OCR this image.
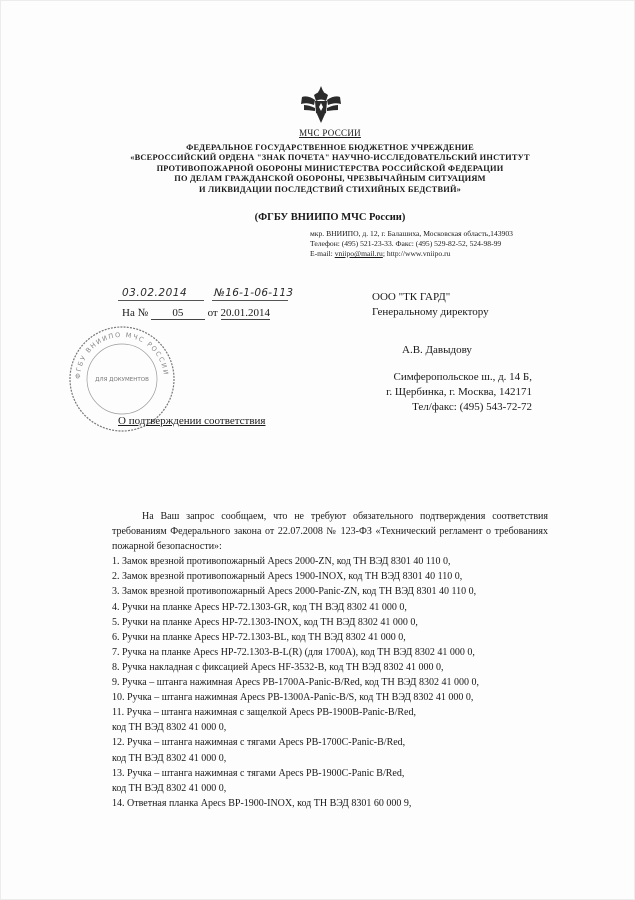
МЧС РОССИИ
ФЕДЕРАЛЬНОЕ ГОСУДАРСТВЕННОЕ БЮДЖЕТНОЕ УЧРЕЖДЕНИЕ
«ВСЕРОССИЙСКИЙ ОРДЕНА "ЗНАК ПОЧЕТА" НАУЧНО-ИССЛЕДОВАТЕЛЬСКИЙ ИНСТИТУТ
ПРОТИВОПОЖАРНОЙ ОБОРОНЫ МИНИСТЕРСТВА РОССИЙСКОЙ ФЕДЕРАЦИИ
ПО ДЕЛАМ ГРАЖДАНСКОЙ ОБОРОНЫ, ЧРЕЗВЫЧАЙНЫМ СИТУАЦИЯМ
И ЛИКВИДАЦИИ ПОСЛЕДСТВИЙ СТИХИЙНЫХ БЕДСТВИЙ»
(ФГБУ ВНИИПО МЧС России)
мкр. ВНИИПО, д. 12, г. Балашиха, Московская область,143903
Телефон: (495) 521-23-33. Факс: (495) 529-82-52, 524-98-99
E-mail: vniipo@mail.ru; http://www.vniipo.ru
03.02.2014	№16-1-06-113
На № 05 от 20.01.2014
ООО "ТК ГАРД"
Генеральному директору
А.В. Давыдову
Симферопольское ш., д. 14 Б,
г. Щербинка, г. Москва, 142171
Тел/факс: (495) 543-72-72
ФГБУ ВНИИПО МЧС РОССИИ
ДЛЯ ДОКУМЕНТОВ
О подтверждении соответствия

На Ваш запрос сообщаем, что не требуют обязательного подтверждения соответствия требованиям Федерального закона от 22.07.2008 № 123-ФЗ «Технический регламент о требованиях пожарной безопасности»:

1. Замок врезной противопожарный Apecs 2000-ZN, код ТН ВЭД 8301 40 110 0,
2. Замок врезной противопожарный Apecs 1900-INOX, код ТН ВЭД 8301 40 110 0,
3. Замок врезной противопожарный Apecs 2000-Panic-ZN, код ТН ВЭД 8301 40 110 0,
4. Ручки на планке Apecs HP-72.1303-GR, код ТН ВЭД 8302 41 000 0,
5. Ручки на планке Apecs HP-72.1303-INOX, код ТН ВЭД 8302 41 000 0,
6. Ручки на планке Apecs HP-72.1303-BL, код ТН ВЭД 8302 41 000 0,
7. Ручка на планке Apecs HP-72.1303-B-L(R) (для 1700A), код ТН ВЭД 8302 41 000 0,
8. Ручка накладная с фиксацией Apecs HF-3532-B, код ТН ВЭД 8302 41 000 0,
9. Ручка – штанга нажимная Apecs PB-1700A-Panic-B/Red, код ТН ВЭД 8302 41 000 0,
10. Ручка – штанга нажимная Apecs PB-1300A-Panic-B/S, код ТН ВЭД 8302 41 000 0,
11. Ручка – штанга нажимная с защелкой Apecs PB-1900B-Panic-B/Red,
код ТН ВЭД 8302 41 000 0,
12. Ручка – штанга нажимная с тягами Apecs PB-1700C-Panic-B/Red,
код ТН ВЭД 8302 41 000 0,
13. Ручка – штанга нажимная с тягами Apecs PB-1900C-Panic B/Red,
код ТН ВЭД 8302 41 000 0,
14. Ответная планка Apecs BP-1900-INOX, код ТН ВЭД 8301 60 000 9,
